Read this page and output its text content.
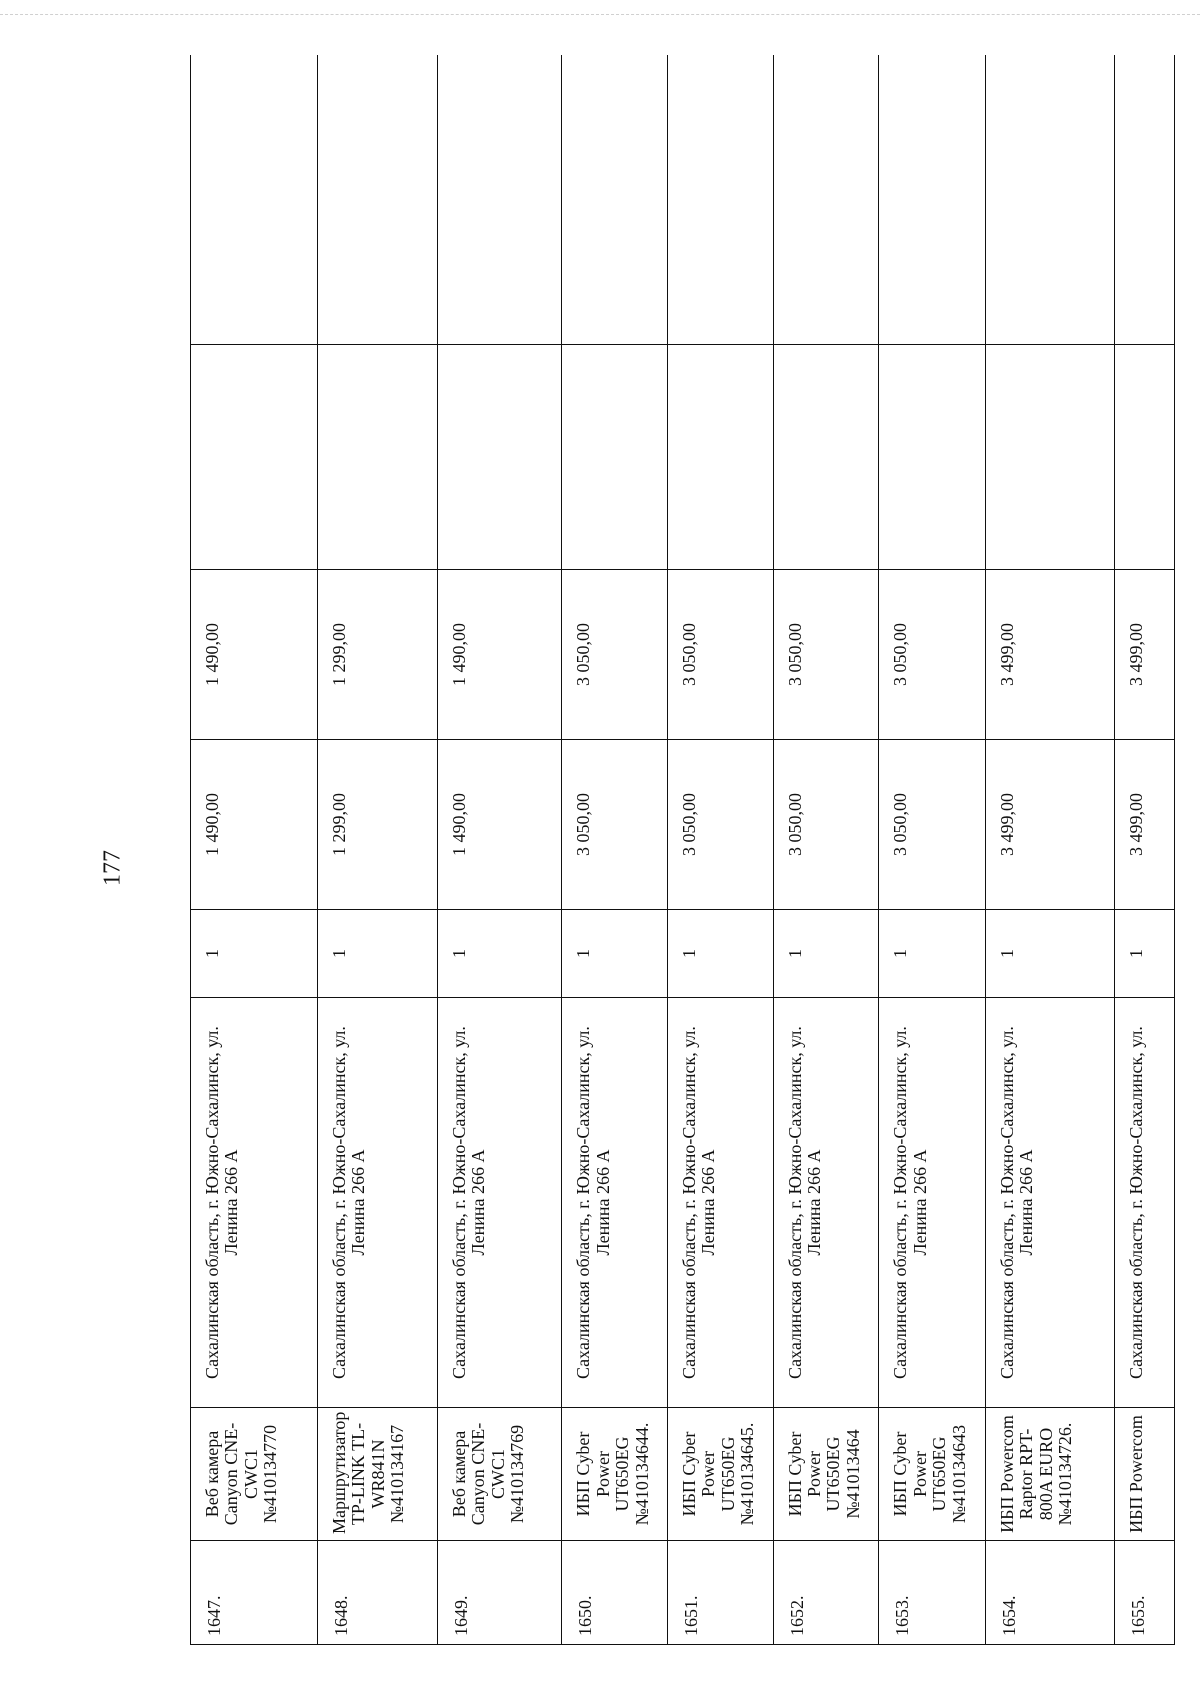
177
1647.	Веб камера
Canyon CNE-
CWC1
№410134770	Сахалинская область, г. Южно-Сахалинск, ул.
Ленина 266 А	1	1 490,00	1 490,00		

1648.	Маршрутизатор
TP-LINK TL-
WR841N
№410134167	Сахалинская область, г. Южно-Сахалинск, ул.
Ленина 266 А	1	1 299,00	1 299,00		

1649.	Веб камера
Canyon CNE-
CWC1
№410134769	Сахалинская область, г. Южно-Сахалинск, ул.
Ленина 266 А	1	1 490,00	1 490,00		

1650.	ИБП Cyber
Power UT650EG
№410134644.	Сахалинская область, г. Южно-Сахалинск, ул.
Ленина 266 А	1	3 050,00	3 050,00		

1651.	ИБП Cyber
Power UT650EG
№410134645.	Сахалинская область, г. Южно-Сахалинск, ул.
Ленина 266 А	1	3 050,00	3 050,00		

1652.	ИБП Cyber
Power UT650EG
№41013464	Сахалинская область, г. Южно-Сахалинск, ул.
Ленина 266 А	1	3 050,00	3 050,00		

1653.	ИБП Cyber
Power UT650EG
№410134643	Сахалинская область, г. Южно-Сахалинск, ул.
Ленина 266 А	1	3 050,00	3 050,00		

1654.	ИБП Powercom
Raptor RPT-
800A EURO
№410134726.	Сахалинская область, г. Южно-Сахалинск, ул.
Ленина 266 А	1	3 499,00	3 499,00		

1655.	ИБП Powercom	Сахалинская область, г. Южно-Сахалинск, ул.	1	3 499,00	3 499,00		
